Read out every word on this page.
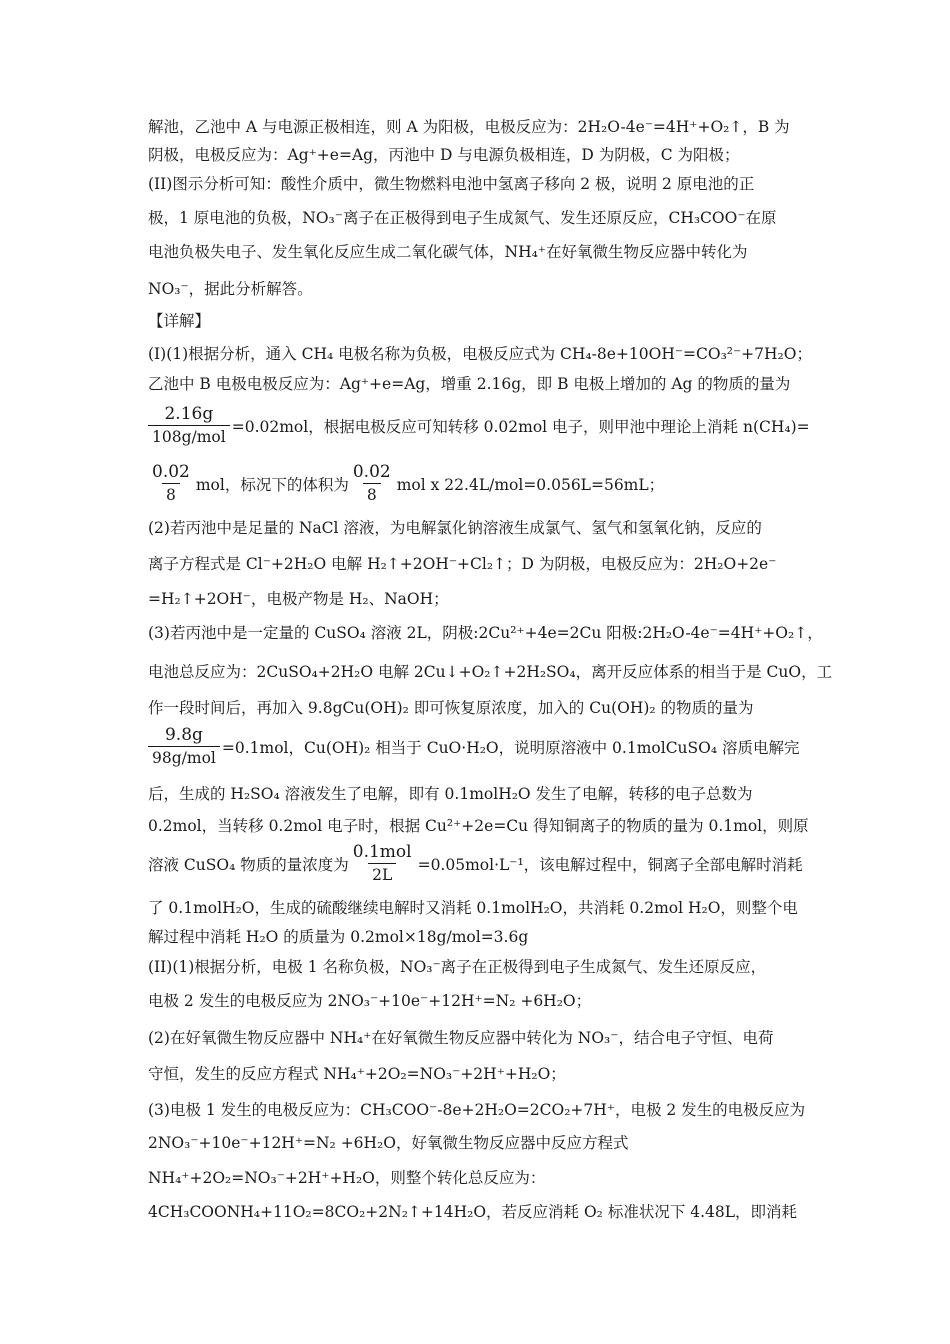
解池，乙池中 A 与电源正极相连，则 A 为阳极，电极反应为：2H₂O-4e⁻=4H⁺+O₂↑，B 为
阴极，电极反应为：Ag⁺+e=Ag，丙池中 D 与电源负极相连，D 为阴极，C 为阳极；
(II)图示分析可知：酸性介质中，微生物燃料电池中氢离子移向 2 极，说明 2 原电池的正
极，1 原电池的负极，NO₃⁻离子在正极得到电子生成氮气、发生还原反应，CH₃COO⁻在原
电池负极失电子、发生氧化反应生成二氧化碳气体，NH₄⁺在好氧微生物反应器中转化为
NO₃⁻，据此分析解答。
【详解】
(I)(1)根据分析，通入 CH₄ 电极名称为负极，电极反应式为 CH₄-8e+10OH⁻=CO₃²⁻+7H₂O；
乙池中 B 电极电极反应为：Ag⁺+e=Ag，增重 2.16g，即 B 电极上增加的 Ag 的物质的量为
$\frac{2.16g}{\text{108g/mol}} =0.02mol$，根据电极反应可知转移 0.02mol 电子，则甲池中理论上消耗 n(CH₄)=
$\frac{0.02}{8}$ mol，标况下的体积为 $\frac{0.02}{8}$ mol x 22.4L/mol=0.056L=56mL；
(2)若丙池中是足量的 NaCl 溶液，为电解氯化钠溶液生成氯气、氢气和氢氧化钠，反应的
离子方程式是 Cl⁻+2H₂O 电解 H₂↑+2OH⁻+Cl₂↑；D 为阴极，电极反应为：2H₂O+2e⁻
=H₂↑+2OH⁻，电极产物是 H₂、NaOH；
(3)若丙池中是一定量的 CuSO₄ 溶液 2L，阴极:2Cu²⁺+4e=2Cu 阳极:2H₂O-4e⁻=4H⁺+O₂↑，
电池总反应为：2CuSO₄+2H₂O 电解 2Cu↓+O₂↑+2H₂SO₄，离开反应体系的相当于是 CuO，工
作一段时间后，再加入 9.8gCu(OH)₂ 即可恢复原浓度，加入的 Cu(OH)₂ 的物质的量为
$\frac{9.8g}{\text{98g/mol}} =0.1mol$，Cu(OH)₂ 相当于 CuO·H₂O，说明原溶液中 0.1molCuSO₄ 溶质电解完
后，生成的 H₂SO₄ 溶液发生了电解，即有 0.1molH₂O 发生了电解，转移的电子总数为
0.2mol，当转移 0.2mol 电子时，根据 Cu²⁺+2e=Cu 得知铜离子的物质的量为 0.1mol，则原
溶液 CuSO₄ 物质的量浓度为 $\frac{\text{0.1mol}}{2L} =0.05mol\cdot L^{-1}$，该电解过程中，铜离子全部电解时消耗
了 0.1molH₂O，生成的硫酸继续电解时又消耗 0.1molH₂O，共消耗 0.2mol H₂O，则整个电
解过程中消耗 H₂O 的质量为 0.2mol×18g/mol=3.6g
(II)(1)根据分析，电极 1 名称负极，NO₃⁻离子在正极得到电子生成氮气、发生还原反应，
电极 2 发生的电极反应为 2NO₃⁻+10e⁻+12H⁺=N₂ +6H₂O；
(2)在好氧微生物反应器中 NH₄⁺在好氧微生物反应器中转化为 NO₃⁻，结合电子守恒、电荷
守恒，发生的反应方程式 NH₄⁺+2O₂=NO₃⁻+2H⁺+H₂O；
(3)电极 1 发生的电极反应为：CH₃COO⁻-8e+2H₂O=2CO₂+7H⁺，电极 2 发生的电极反应为
2NO₃⁻+10e⁻+12H⁺=N₂ +6H₂O，好氧微生物反应器中反应方程式
NH₄⁺+2O₂=NO₃⁻+2H⁺+H₂O，则整个转化总反应为：
4CH₃COONH₄+11O₂=8CO₂+2N₂↑+14H₂O，若反应消耗 O₂ 标准状况下 4.48L，即消耗
